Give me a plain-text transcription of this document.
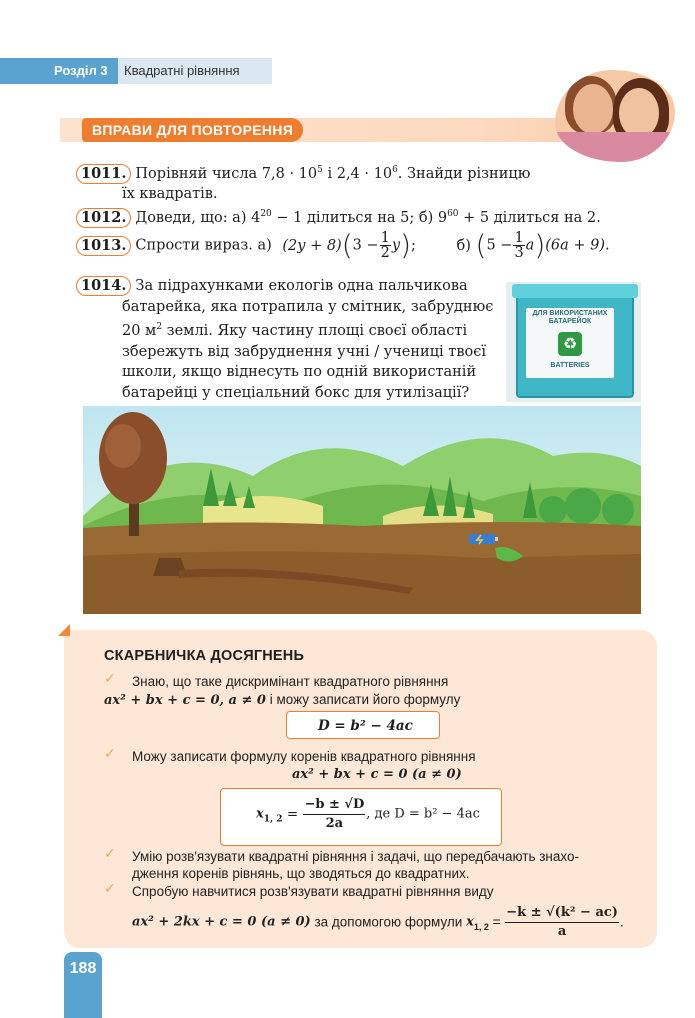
Розділ 3	Квадратні рівняння
ВПРАВИ ДЛЯ ПОВТОРЕННЯ
1011. Порівняй числа $7,8 \cdot 10^5$ і $2,4 \cdot 10^6$. Знайди різницю
їх квадратів.
1012. Доведи, що: а) $4^{20} - 1$ ділиться на 5; б) $9^{60} + 5$ ділиться на 2.
1013. Спрости вираз. а) $(2y + 8)(3 - \frac{1}{2} y)$;	б) $(5 - \frac{1}{3} a)(6a + 9)$.
1014. За підрахунками екологів одна пальчикова
батарейка, яка потрапила у смітник, забруднює
20 $м^2$ землі. Яку частину площі своєї області
збережуть від забруднення учні / учениці твоєї
школи, якщо віднесуть по одній використаній
батарейці у спеціальний бокс для утилізації?
ДЛЯ ВИКОРИСТАНИХ БАТАРЕЙОК
♻
BATTERIES
СКАРБНИЧКА ДОСЯГНЕНЬ
✓ Знаю, що таке дискримінант квадратного рівняння
ax² + bx + c = 0, a ≠ 0 і можу записати його формулу
D = b² − 4ac
✓ Можу записати формулу коренів квадратного рівняння
ax² + bx + c = 0 (a ≠ 0)
$x_{1, 2} = \frac{-b \pm √D}{2a}$ , де D = b² − 4ac
✓ Умію розв'язувати квадратні рівняння і задачі, що передбачають знахо-
дження коренів рівнянь, що зводяться до квадратних.
✓ Спробую навчитися розв'язувати квадратні рівняння виду
ax² + 2kx + c = 0 (a ≠ 0) за допомогою формули $x_{1, 2} = \frac{\text{−k ± √(k² − ac)}}{a}$ .
188
